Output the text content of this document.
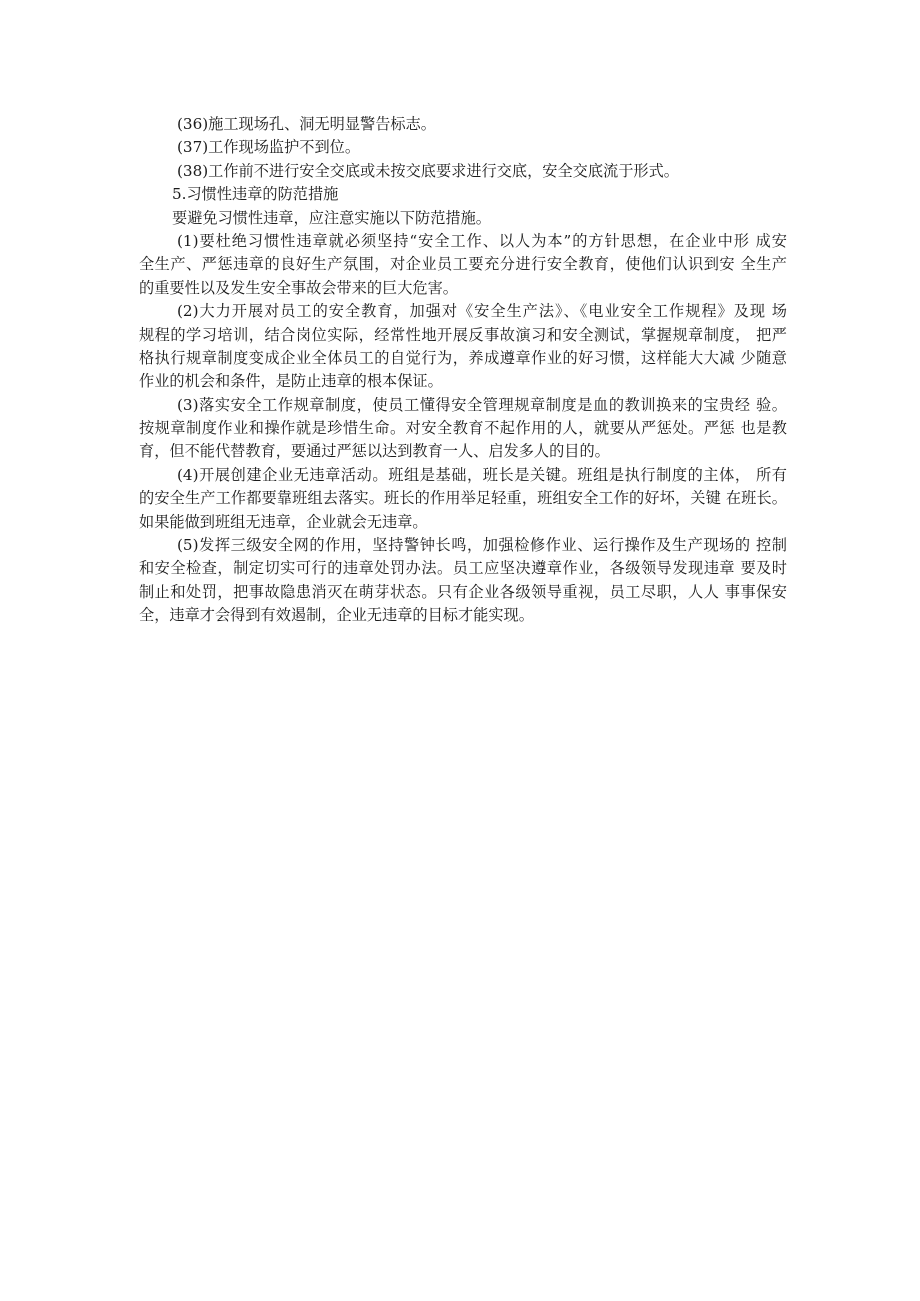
(36)施工现场孔、洞无明显警告标志。

(37)工作现场监护不到位。

(38)工作前不进行安全交底或未按交底要求进行交底，安全交底流于形式。

5.习惯性违章的防范措施

要避免习惯性违章，应注意实施以下防范措施。

(1)要杜绝习惯性违章就必须坚持“安全工作、以人为本”的方针思想，在企业中形 成安

全生产、严惩违章的良好生产氛围，对企业员工要充分进行安全教育，使他们认识到安 全生产

的重要性以及发生安全事故会带来的巨大危害。

(2)大力开展对员工的安全教育，加强对《安全生产法》、《电业安全工作规程》及现 场

规程的学习培训，结合岗位实际，经常性地开展反事故演习和安全测试，掌握规章制度， 把严

格执行规章制度变成企业全体员工的自觉行为，养成遵章作业的好习惯，这样能大大减 少随意

作业的机会和条件，是防止违章的根本保证。

(3)落实安全工作规章制度，使员工懂得安全管理规章制度是血的教训换来的宝贵经 验。

按规章制度作业和操作就是珍惜生命。对安全教育不起作用的人，就要从严惩处。严惩 也是教

育，但不能代替教育，要通过严惩以达到教育一人、启发多人的目的。

(4)开展创建企业无违章活动。班组是基础，班长是关键。班组是执行制度的主体， 所有

的安全生产工作都要靠班组去落实。班长的作用举足轻重，班组安全工作的好坏，关键 在班长。

如果能做到班组无违章，企业就会无违章。

(5)发挥三级安全网的作用，坚持警钟长鸣，加强检修作业、运行操作及生产现场的 控制

和安全检查，制定切实可行的违章处罚办法。员工应坚决遵章作业，各级领导发现违章 要及时

制止和处罚，把事故隐患消灭在萌芽状态。只有企业各级领导重视，员工尽职，人人 事事保安

全，违章才会得到有效遏制，企业无违章的目标才能实现。
